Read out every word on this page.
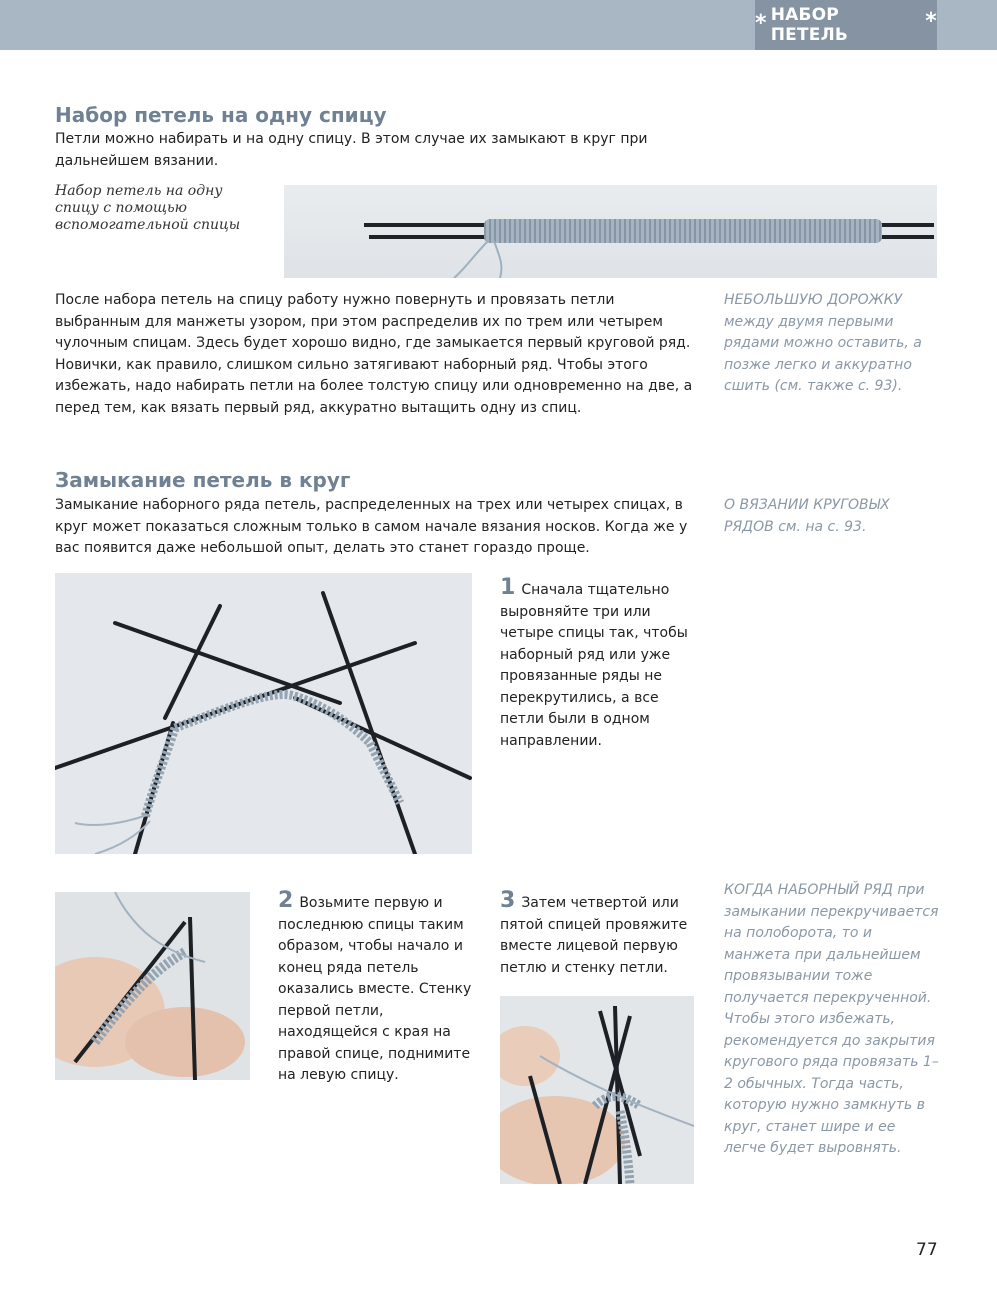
* НАБОР ПЕТЕЛЬ
*
Набор петель на одну спицу

Петли можно набирать и на одну спицу. В этом случае их замыкают в круг при дальнейшем вязании.

Набор петель на одну
спицу с помощью
вспомогательной спицы

После набора петель на спицу работу нужно повернуть и провязать петли выбранным для манжеты узором, при этом распределив их по трем или четырем чулочным спицам. Здесь будет хорошо видно, где замыкается первый круговой ряд. Новички, как правило, слишком сильно затягивают наборный ряд. Чтобы этого избежать, надо набирать петли на более толстую спицу или одновременно на две, а перед тем, как вязать первый ряд, аккуратно вытащить одну из спиц.

НЕБОЛЬШУЮ ДОРОЖКУ между двумя первыми рядами можно оставить, а позже легко и аккуратно сшить (см. также с. 93).

Замыкание петель в круг

Замыкание наборного ряда петель, распределенных на трех или четырех спицах, в круг может показаться сложным только в самом начале вязания носков. Когда же у вас появится даже небольшой опыт, делать это станет гораздо проще.

О ВЯЗАНИИ КРУГОВЫХ РЯДОВ см. на с. 93.

1 Сначала тщательно выровняйте три или четыре спицы так, чтобы наборный ряд или уже провязанные ряды не перекрутились, а все петли были в одном направлении.

2 Возьмите первую и последнюю спицы таким образом, чтобы начало и конец ряда петель оказались вместе. Стенку первой петли, находящейся с края на правой спице, поднимите на левую спицу.

3 Затем четвертой или пятой спицей провяжите вместе лицевой первую петлю и стенку петли.

КОГДА НАБОРНЫЙ РЯД при замыкании перекручивается на полоборота, то и манжета при дальнейшем провязывании тоже получается перекрученной. Чтобы этого избежать, рекомендуется до закрытия кругового ряда провязать 1–2 обычных. Тогда часть, которую нужно замкнуть в круг, станет шире и ее легче будет выровнять.

77
